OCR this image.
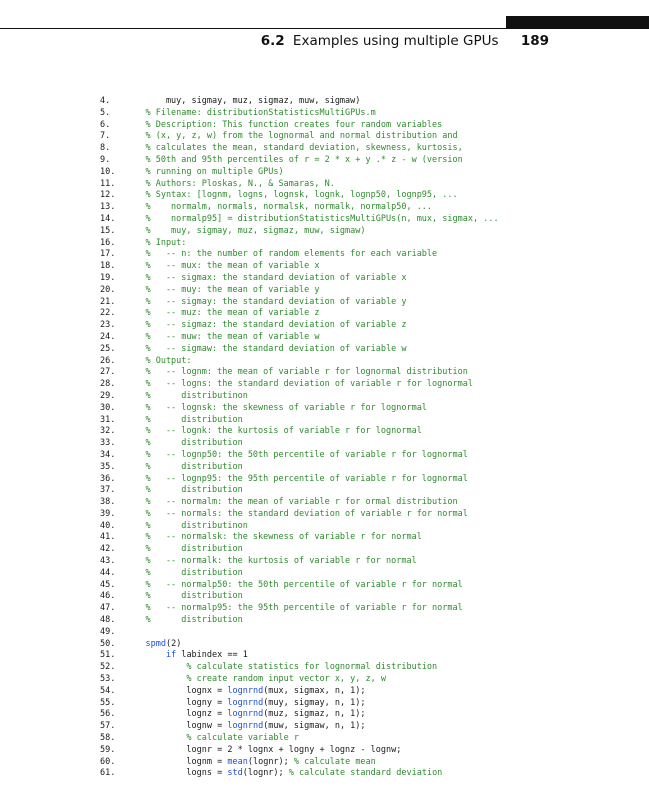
6.2 Examples using multiple GPUs 189
4.        muy, sigmay, muz, sigmaz, muw, sigmaw)
5.    % Filename: distributionStatisticsMultiGPUs.m
6.    % Description: This function creates four random variables
7.    % (x, y, z, w) from the lognormal and normal distribution and
8.    % calculates the mean, standard deviation, skewness, kurtosis,
9.    % 50th and 95th percentiles of r = 2 * x + y .* z - w (version
10.    % running on multiple GPUs)
11.    % Authors: Ploskas, N., & Samaras, N.
12.    % Syntax: [lognm, logns, lognsk, lognk, lognp50, lognp95, ...
13.    %    normalm, normals, normalsk, normalk, normalp50, ...
14.    %    normalp95] = distributionStatisticsMultiGPUs(n, mux, sigmax, ...
15.    %    muy, sigmay, muz, sigmaz, muw, sigmaw)
16.    % Input:
17.    %   -- n: the number of random elements for each variable
18.    %   -- mux: the mean of variable x
19.    %   -- sigmax: the standard deviation of variable x
20.    %   -- muy: the mean of variable y
21.    %   -- sigmay: the standard deviation of variable y
22.    %   -- muz: the mean of variable z
23.    %   -- sigmaz: the standard deviation of variable z
24.    %   -- muw: the mean of variable w
25.    %   -- sigmaw: the standard deviation of variable w
26.    % Output:
27.    %   -- lognm: the mean of variable r for lognormal distribution
28.    %   -- logns: the standard deviation of variable r for lognormal
29.    %      distributinon
30.    %   -- lognsk: the skewness of variable r for lognormal
31.    %      distribution
32.    %   -- lognk: the kurtosis of variable r for lognormal
33.    %      distribution
34.    %   -- lognp50: the 50th percentile of variable r for lognormal
35.    %      distribution
36.    %   -- lognp95: the 95th percentile of variable r for lognormal
37.    %      distribution
38.    %   -- normalm: the mean of variable r for ormal distribution
39.    %   -- normals: the standard deviation of variable r for normal
40.    %      distributinon
41.    %   -- normalsk: the skewness of variable r for normal
42.    %      distribution
43.    %   -- normalk: the kurtosis of variable r for normal
44.    %      distribution
45.    %   -- normalp50: the 50th percentile of variable r for normal
46.    %      distribution
47.    %   -- normalp95: the 95th percentile of variable r for normal
48.    %      distribution
49.
50.	spmd(2)
51.	if labindex == 1
52.            % calculate statistics for lognormal distribution
53.            % create random input vector x, y, z, w
54.            lognx = lognrnd(mux, sigmax, n, 1);
55.            logny = lognrnd(muy, sigmay, n, 1);
56.            lognz = lognrnd(muz, sigmaz, n, 1);
57.            lognw = lognrnd(muw, sigmaw, n, 1);
58.            % calculate variable r
59.            lognr = 2 * lognx + logny + lognz - lognw;
60.            lognm = mean(lognr); % calculate mean
61.            logns = std(lognr); % calculate standard deviation
